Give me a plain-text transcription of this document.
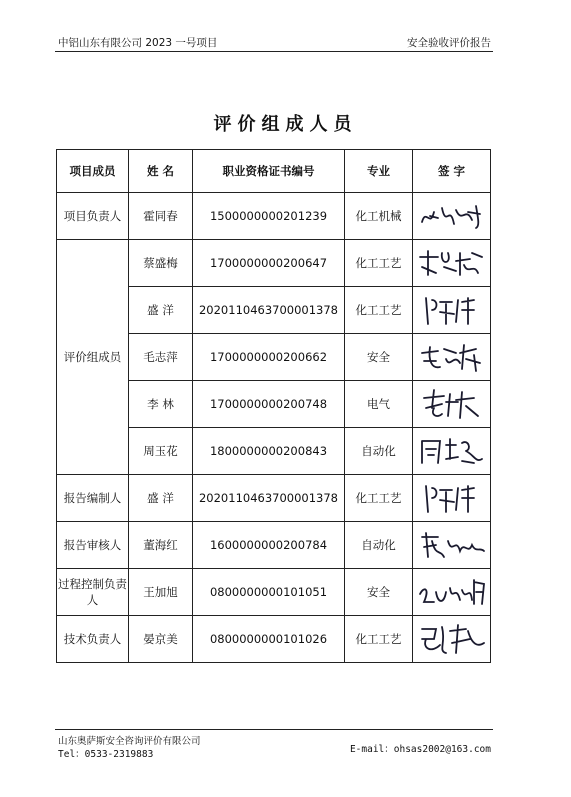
中铝山东有限公司 2023 一号项目	安全验收评价报告
评价组成人员
项目成员	姓 名	职业资格证书编号	专业	签 字
项目负责人	霍同春	1500000000201239	化工机械	

评价组成员	蔡盛梅	1700000000200647	化工工艺	

	盛 洋	2020110463700001378	化工工艺	

	毛志萍	1700000000200662	安全	

	李 林	1700000000200748	电气	

	周玉花	1800000000200843	自动化	

报告编制人	盛 洋	2020110463700001378	化工工艺	

报告审核人	董海红	1600000000200784	自动化	

过程控制负责人	王加旭	0800000000101051	安全	

技术负责人	晏京美	0800000000101026	化工工艺	
山东奥萨斯安全咨询评价有限公司
Tel：0533-2319883	E-mail：ohsas2002@163.com
